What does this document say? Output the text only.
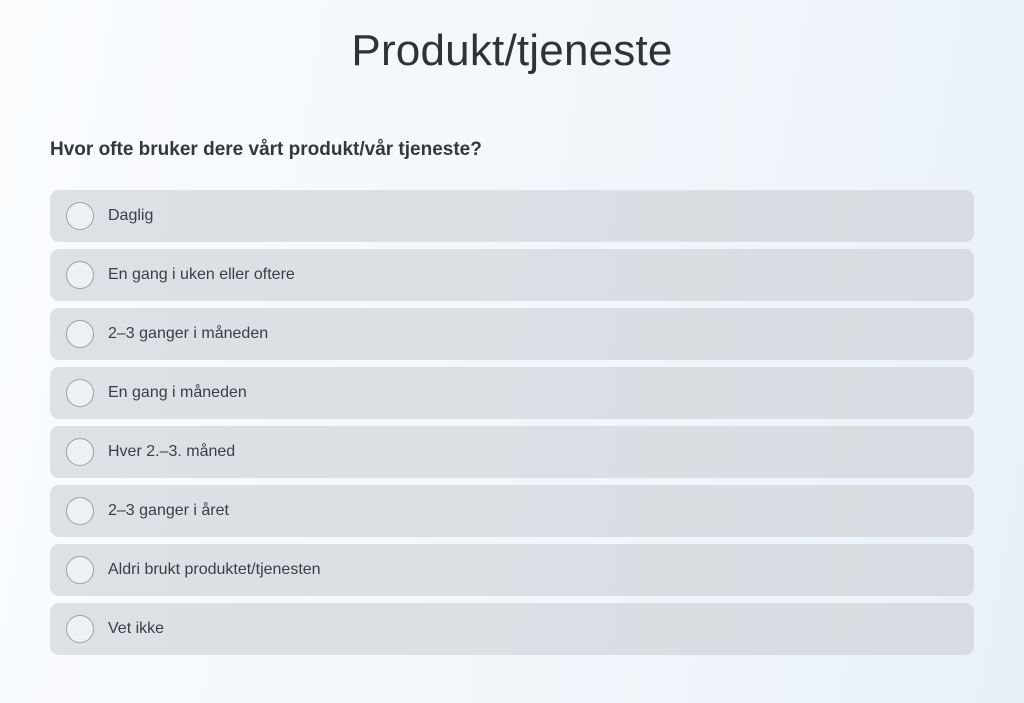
Produkt/tjeneste

Hvor ofte bruker dere vårt produkt/vår tjeneste?

Daglig
En gang i uken eller oftere
2–3 ganger i måneden
En gang i måneden
Hver 2.–3. måned
2–3 ganger i året
Aldri brukt produktet/tjenesten
Vet ikke
